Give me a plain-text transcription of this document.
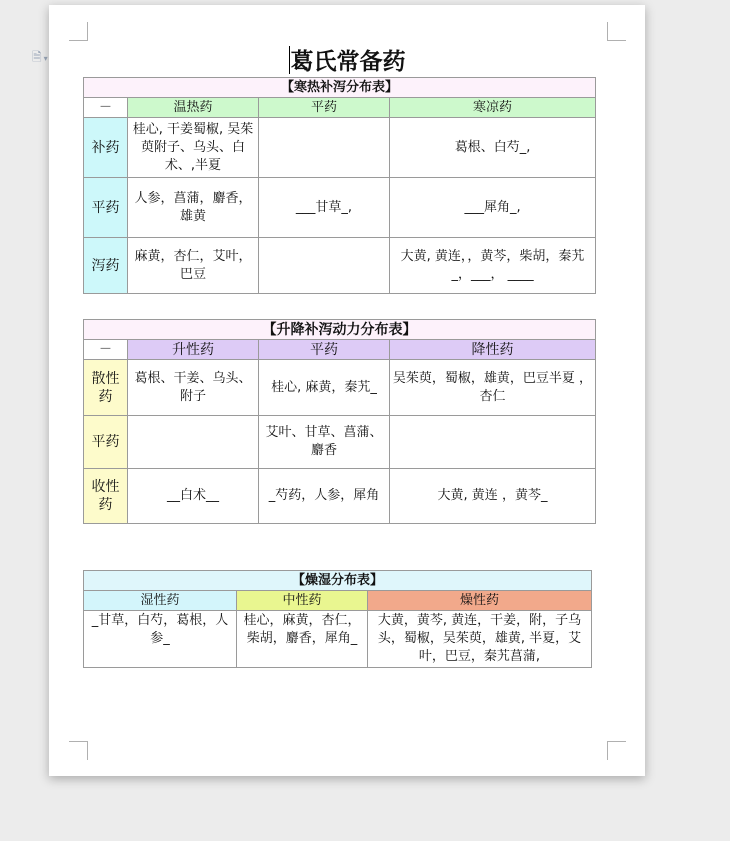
🗎 ▾	葛氏常备药
【寒热补泻分布表】			
－	温热药	平药	寒凉药
补药	桂心, 干姜蜀椒, 吴茱萸附子、乌头、白术、,半夏		葛根、白芍_,
平药	人参，菖蒲，麝香，雄黄	___甘草_,	___犀角_,
泻药	麻黄，杏仁，艾叶，巴豆		大黄, 黄连，，黄芩，柴胡，秦艽_，___， ____
【升降补泻动力分布表】			
－	升性药	平药	降性药
散性药	葛根、干姜、乌头、附子	桂心, 麻黄，秦艽_	吴茱萸，蜀椒，雄黄，巴豆半夏 ，杏仁
平药		艾叶、甘草、菖蒲、麝香	
收性药	__白术__	_芍药，人参，犀角	大黄, 黄连 ，黄芩_
【燥湿分布表】		
湿性药	中性药	燥性药
_甘草，白芍，葛根，人参_	桂心，麻黄，杏仁，柴胡，麝香，犀角_	大黄，黄芩, 黄连，干姜，附，子乌头，蜀椒，吴茱萸，雄黄, 半夏，艾叶，巴豆，秦艽菖蒲,
